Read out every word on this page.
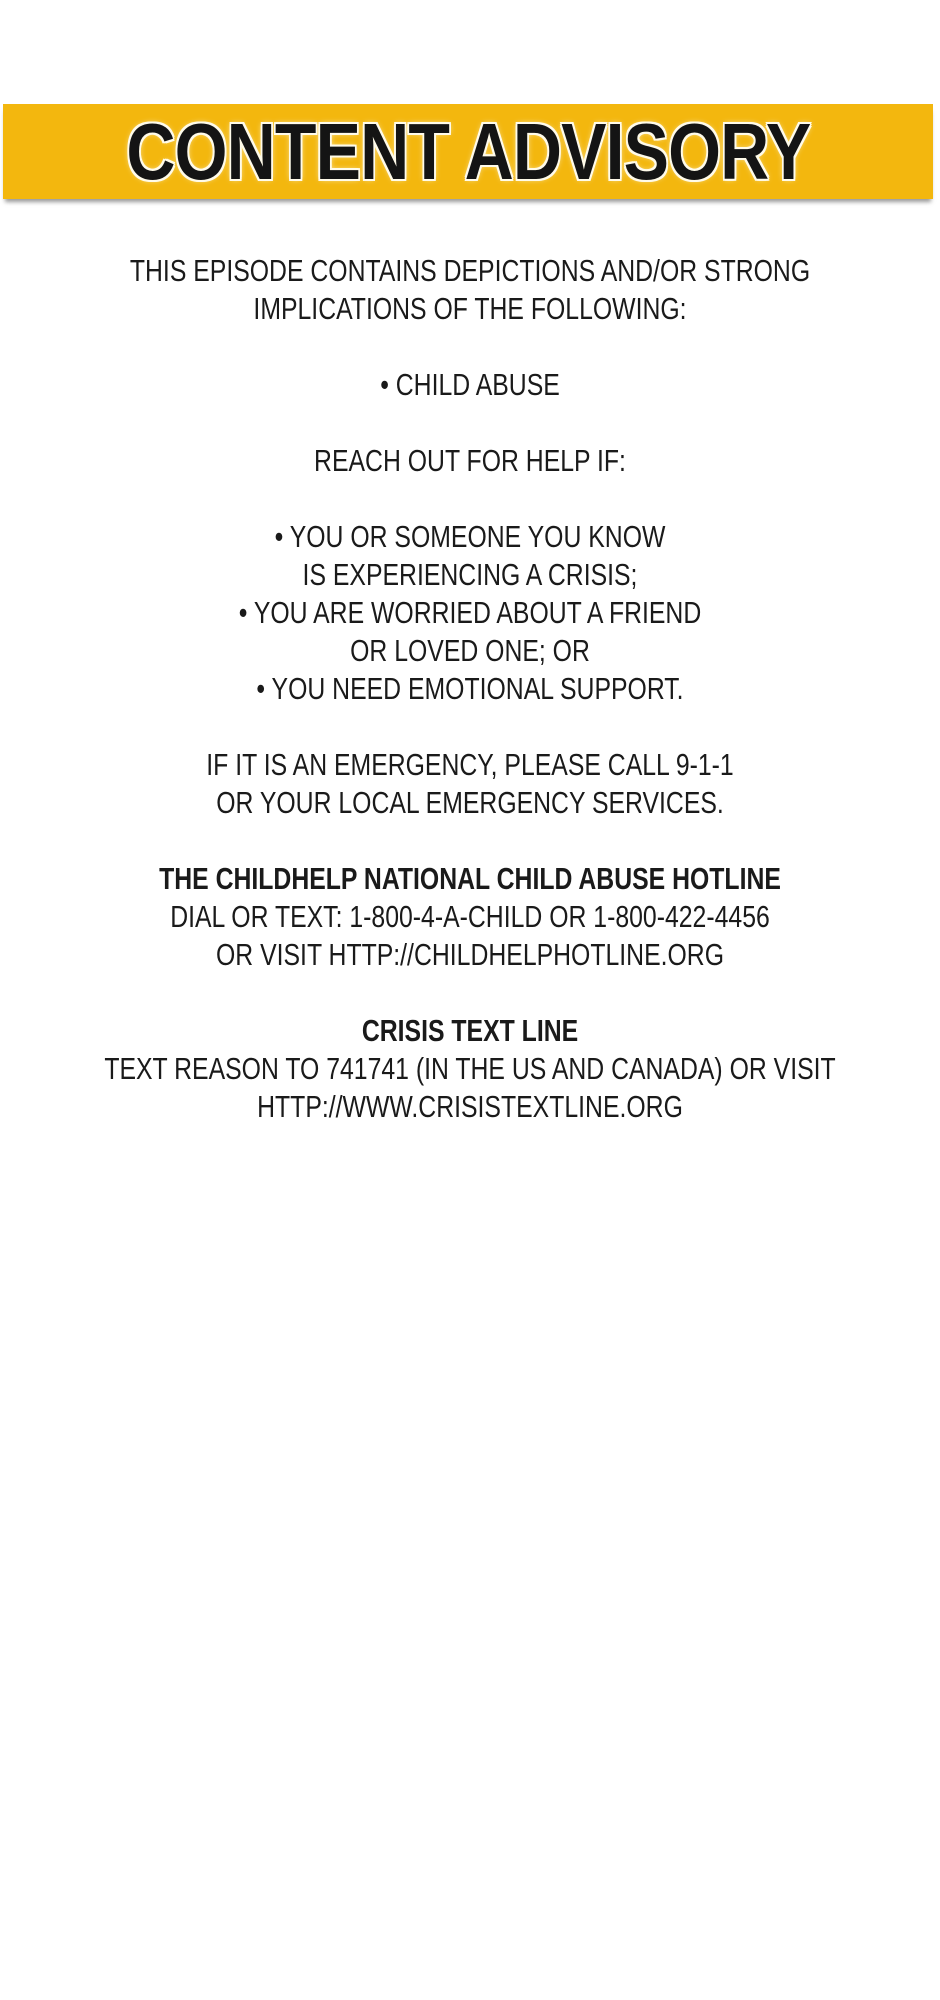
CONTENT ADVISORY

THIS EPISODE CONTAINS DEPICTIONS AND/OR STRONG
IMPLICATIONS OF THE FOLLOWING:

• CHILD ABUSE

REACH OUT FOR HELP IF:

• YOU OR SOMEONE YOU KNOW
IS EXPERIENCING A CRISIS;
• YOU ARE WORRIED ABOUT A FRIEND
OR LOVED ONE; OR
• YOU NEED EMOTIONAL SUPPORT.

IF IT IS AN EMERGENCY, PLEASE CALL 9-1-1
OR YOUR LOCAL EMERGENCY SERVICES.

THE CHILDHELP NATIONAL CHILD ABUSE HOTLINE
DIAL OR TEXT: 1-800-4-A-CHILD OR 1-800-422-4456
OR VISIT HTTP://CHILDHELPHOTLINE.ORG

CRISIS TEXT LINE
TEXT REASON TO 741741 (IN THE US AND CANADA) OR VISIT
HTTP://WWW.CRISISTEXTLINE.ORG
